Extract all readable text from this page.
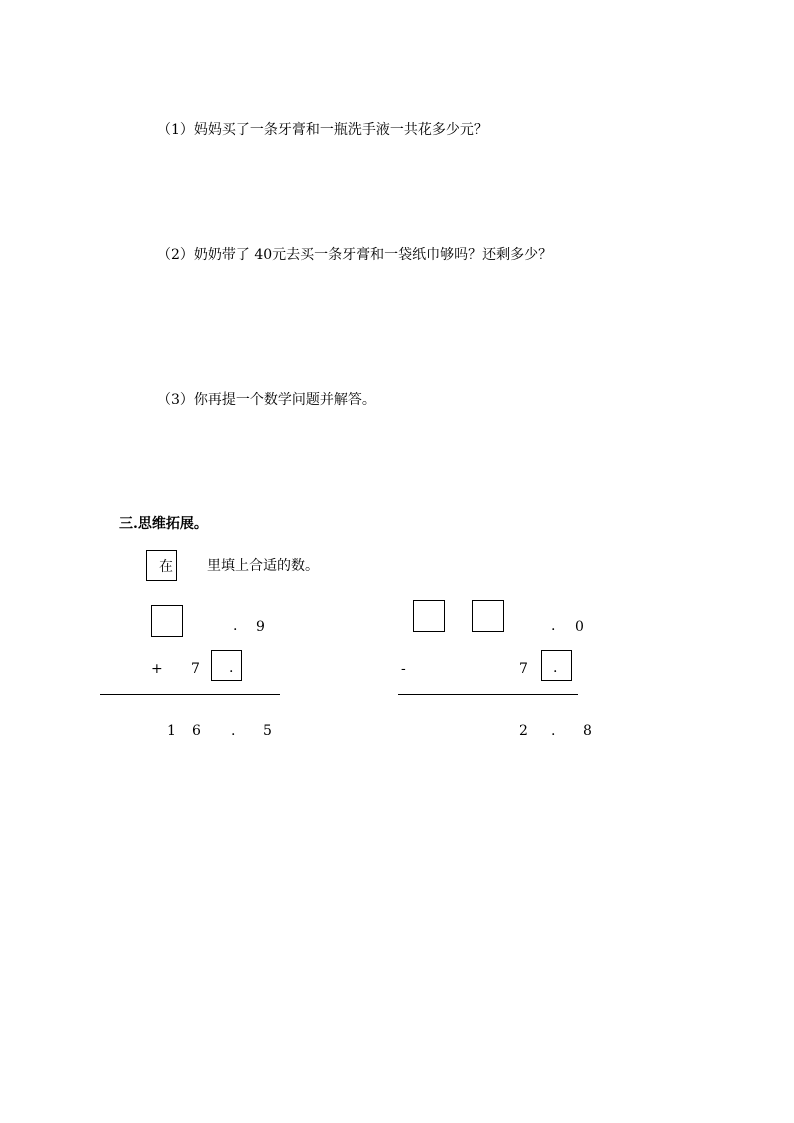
（1）妈妈买了一条牙膏和一瓶洗手液一共花多少元？
（2）奶奶带了 40元去买一条牙膏和一袋纸巾够吗？还剩多少？
（3）你再提一个数学问题并解答。
三.思维拓展。
在 里填上合适的数。
. 9
+ 7 .
1 6 . 5
. 0
-	7 .
2 . 8
